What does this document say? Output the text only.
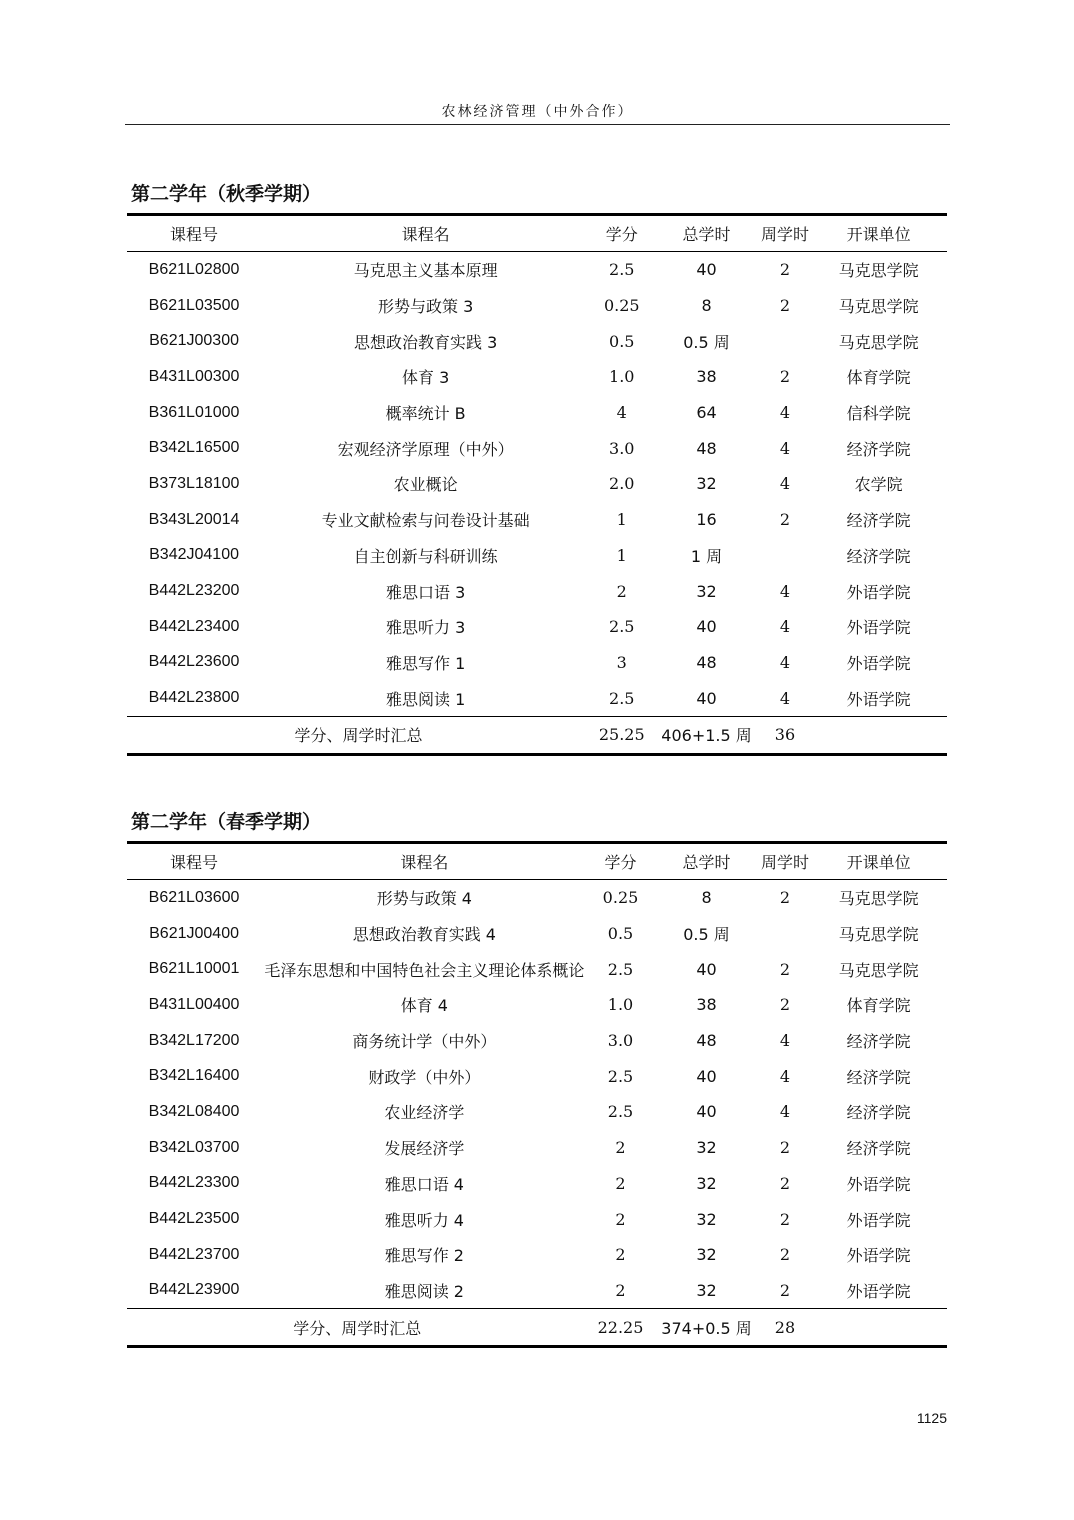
农林经济管理（中外合作）
第二学年（秋季学期）
课程号	课程名	学分	总学时	周学时	开课单位
B621L02800	马克思主义基本原理	2.5	40	2	马克思学院
B621L03500	形势与政策 3	0.25	8	2	马克思学院
B621J00300	思想政治教育实践 3	0.5	0.5 周		马克思学院
B431L00300	体育 3	1.0	38	2	体育学院
B361L01000	概率统计 B	4	64	4	信科学院
B342L16500	宏观经济学原理（中外）	3.0	48	4	经济学院
B373L18100	农业概论	2.0	32	4	农学院
B343L20014	专业文献检索与问卷设计基础	1	16	2	经济学院
B342J04100	自主创新与科研训练	1	1 周		经济学院
B442L23200	雅思口语 3	2	32	4	外语学院
B442L23400	雅思听力 3	2.5	40	4	外语学院
B442L23600	雅思写作 1	3	48	4	外语学院
B442L23800	雅思阅读 1	2.5	40	4	外语学院
学分、周学时汇总		25.25	406+1.5 周	36	
第二学年（春季学期）
课程号	课程名	学分	总学时	周学时	开课单位
B621L03600	形势与政策 4	0.25	8	2	马克思学院
B621J00400	思想政治教育实践 4	0.5	0.5 周		马克思学院
B621L10001	毛泽东思想和中国特色社会主义理论体系概论	2.5	40	2	马克思学院
B431L00400	体育 4	1.0	38	2	体育学院
B342L17200	商务统计学（中外）	3.0	48	4	经济学院
B342L16400	财政学（中外）	2.5	40	4	经济学院
B342L08400	农业经济学	2.5	40	4	经济学院
B342L03700	发展经济学	2	32	2	经济学院
B442L23300	雅思口语 4	2	32	2	外语学院
B442L23500	雅思听力 4	2	32	2	外语学院
B442L23700	雅思写作 2	2	32	2	外语学院
B442L23900	雅思阅读 2	2	32	2	外语学院
学分、周学时汇总		22.25	374+0.5 周	28	
1125
